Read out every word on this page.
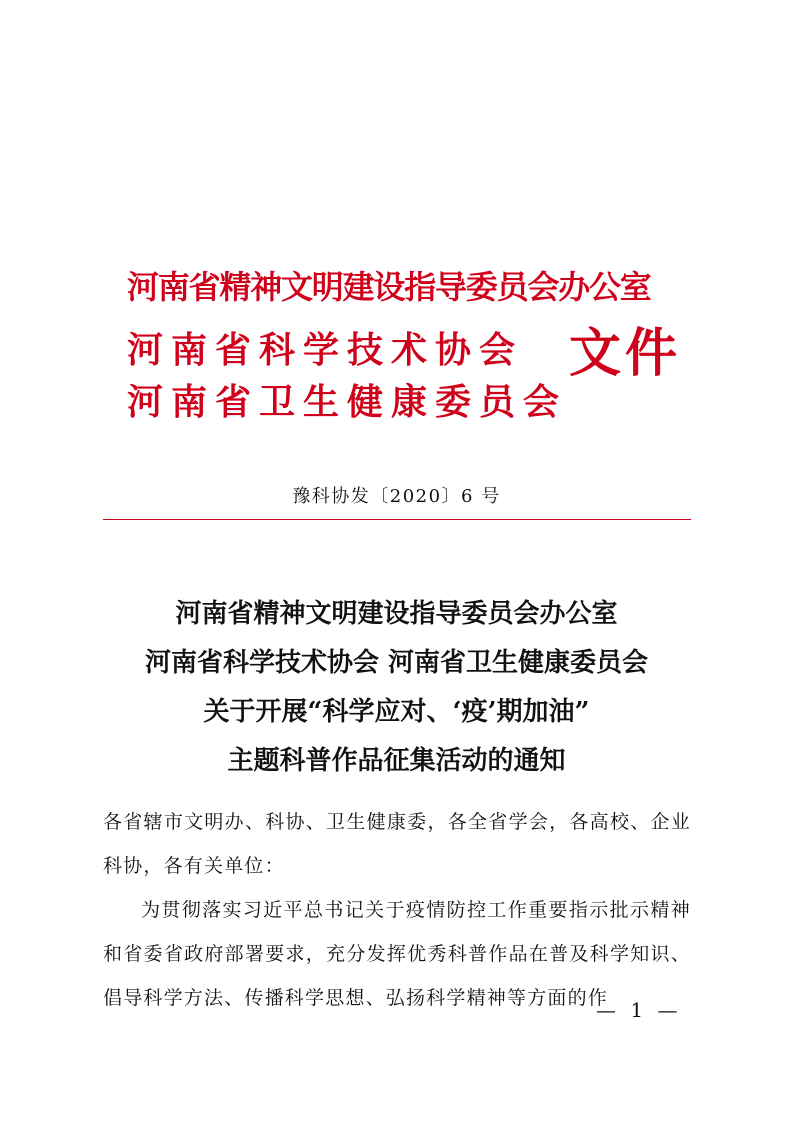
河南省精神文明建设指导委员会办公室
河南省科学技术协会
河南省卫生健康委员会
文件
豫科协发〔2020〕6 号
河南省精神文明建设指导委员会办公室
河南省科学技术协会 河南省卫生健康委员会
关于开展“科学应对、‘疫’期加油”
主题科普作品征集活动的通知

各省辖市文明办、科协、卫生健康委，各全省学会，各高校、企业科协，各有关单位：

为贯彻落实习近平总书记关于疫情防控工作重要指示批示精神和省委省政府部署要求，充分发挥优秀科普作品在普及科学知识、倡导科学方法、传播科学思想、弘扬科学精神等方面的作

— 1 —
